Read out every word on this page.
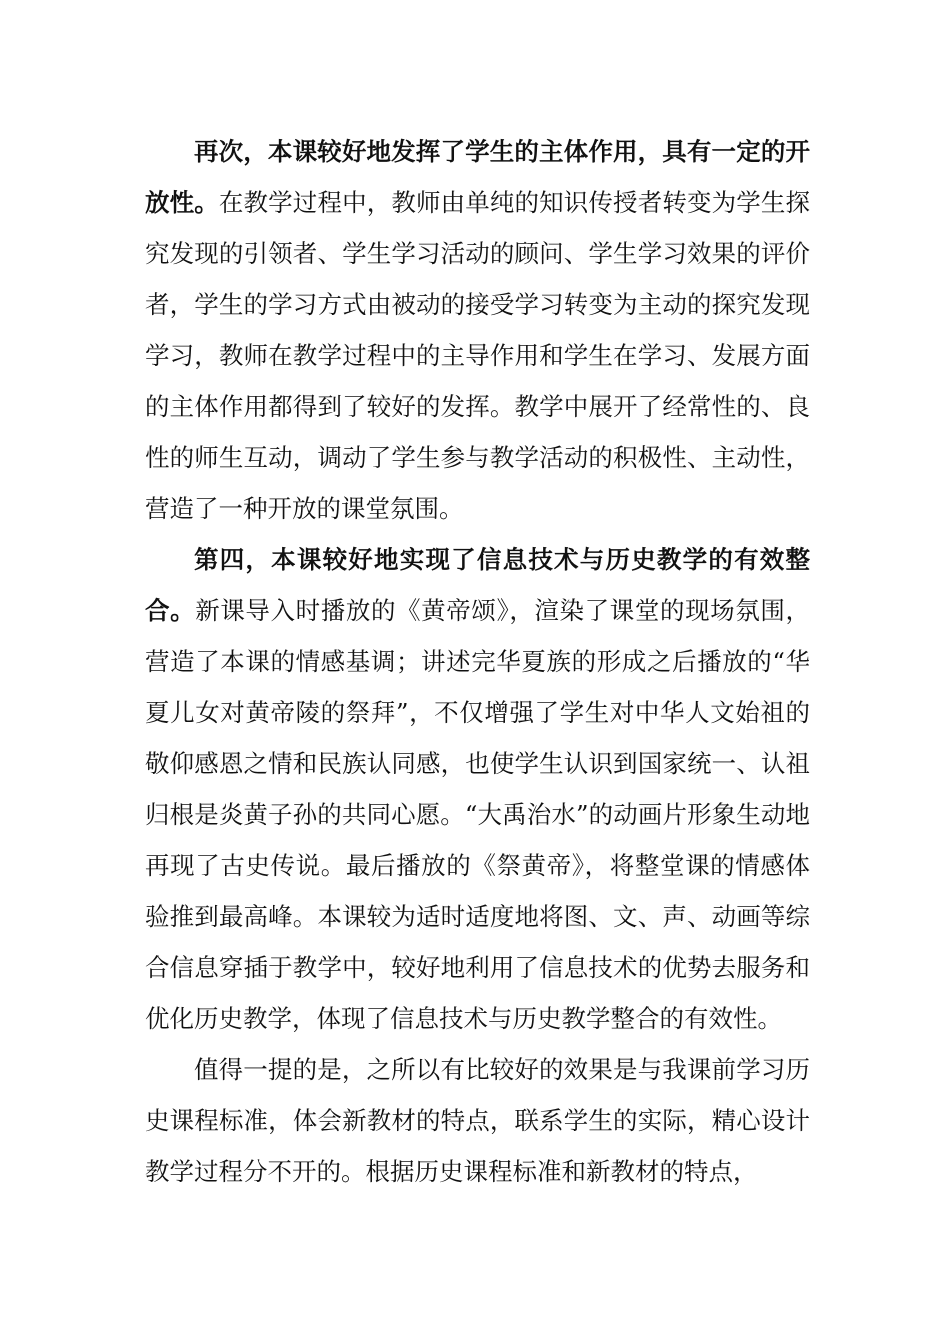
再次，本课较好地发挥了学生的主体作用，具有一定的开放性。在教学过程中，教师由单纯的知识传授者转变为学生探究发现的引领者、学生学习活动的顾问、学生学习效果的评价者，学生的学习方式由被动的接受学习转变为主动的探究发现学习，教师在教学过程中的主导作用和学生在学习、发展方面的主体作用都得到了较好的发挥。教学中展开了经常性的、良性的师生互动，调动了学生参与教学活动的积极性、主动性，营造了一种开放的课堂氛围。

第四，本课较好地实现了信息技术与历史教学的有效整合。新课导入时播放的《黄帝颂》，渲染了课堂的现场氛围，营造了本课的情感基调；讲述完华夏族的形成之后播放的“华夏儿女对黄帝陵的祭拜”，不仅增强了学生对中华人文始祖的敬仰感恩之情和民族认同感，也使学生认识到国家统一、认祖归根是炎黄子孙的共同心愿。“大禹治水”的动画片形象生动地再现了古史传说。最后播放的《祭黄帝》，将整堂课的情感体验推到最高峰。本课较为适时适度地将图、文、声、动画等综合信息穿插于教学中，较好地利用了信息技术的优势去服务和优化历史教学，体现了信息技术与历史教学整合的有效性。

值得一提的是，之所以有比较好的效果是与我课前学习历史课程标准，体会新教材的特点，联系学生的实际，精心设计教学过程分不开的。根据历史课程标准和新教材的特点，
